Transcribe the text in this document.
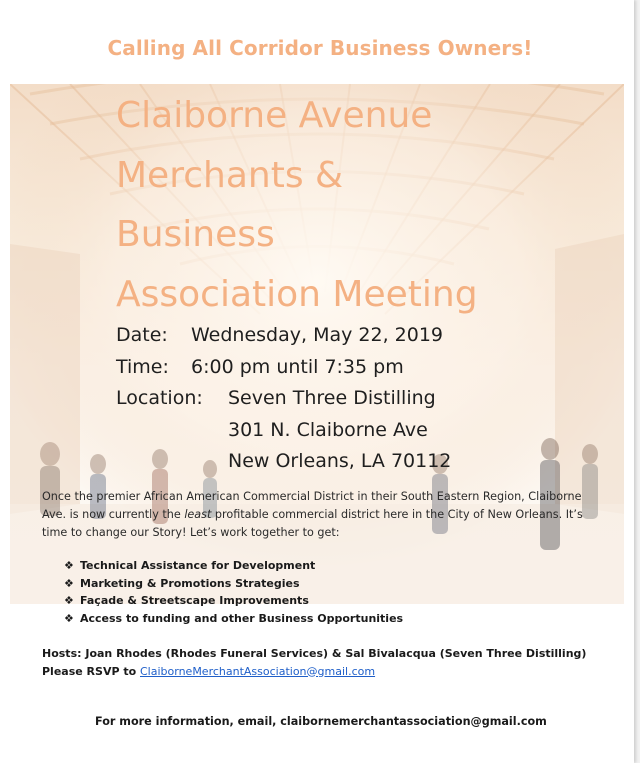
Calling All Corridor Business Owners!
Claiborne Avenue
Merchants &
Business
Association Meeting
Date: Wednesday, May 22, 2019
Time: 6:00 pm until 7:35 pm
Location: Seven Three Distilling
301 N. Claiborne Ave
New Orleans, LA 70112

Once the premier African American Commercial District in their South Eastern Region, Claiborne Ave. is now currently the least profitable commercial district here in the City of New Orleans. It’s time to change our Story! Let’s work together to get:

❖ Technical Assistance for Development
❖ Marketing & Promotions Strategies
❖ Façade & Streetscape Improvements
❖ Access to funding and other Business Opportunities
Hosts: Joan Rhodes (Rhodes Funeral Services) & Sal Bivalacqua (Seven Three Distilling)
Please RSVP to ClaiborneMerchantAssociation@gmail.com
For more information, email, claibornemerchantassociation@gmail.com
